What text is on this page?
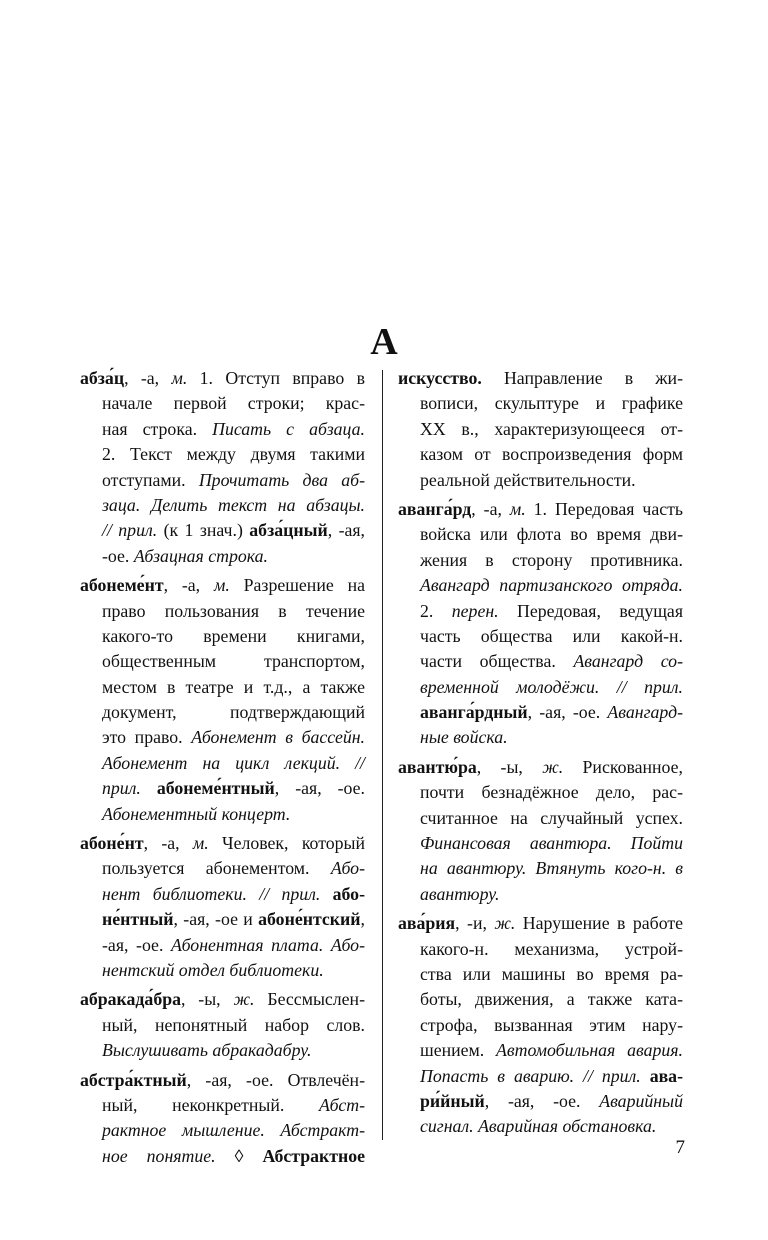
А
абза́ц, -а, м. 1. Отступ вправо в
начале первой строки; крас-
ная строка. Писать с абзаца.
2. Текст между двумя такими
отступами. Прочитать два аб-
заца. Делить текст на абзацы.
// прил. (к 1 знач.) абза́цный, -ая,
-ое. Абзацная строка.
абонеме́нт, -а, м. Разрешение на
право пользования в течение
какого-то времени книгами,
общественным транспортом,
местом в театре и т.д., а также
документ, подтверждающий
это право. Абонемент в бассейн.
Абонемент на цикл лекций. //
прил. абонеме́нтный, -ая, -ое.
Абонементный концерт.
абоне́нт, -а, м. Человек, который
пользуется абонементом. Або-
нент библиотеки. // прил. або-
не́нтный, -ая, -ое и абоне́нтский,
-ая, -ое. Абонентная плата. Або-
нентский отдел библиотеки.
абракада́бра, -ы, ж. Бессмыслен-
ный, непонятный набор слов.
Выслушивать абракадабру.
абстра́ктный, -ая, -ое. Отвлечён-
ный, неконкретный. Абст-
рактное мышление. Абстракт-
ное понятие. ◊ Абстрактное
искусство. Направление в жи-
вописи, скульптуре и графике
XX в., характеризующееся от-
казом от воспроизведения форм
реальной действительности.
аванга́рд, -а, м. 1. Передовая часть
войска или флота во время дви-
жения в сторону противника.
Авангард партизанского отряда.
2. перен. Передовая, ведущая
часть общества или какой-н.
части общества. Авангард со-
временной молодёжи. // прил.
аванга́рдный, -ая, -ое. Авангард-
ные войска.
авантю́ра, -ы, ж. Рискованное,
почти безнадёжное дело, рас-
считанное на случайный успех.
Финансовая авантюра. Пойти
на авантюру. Втянуть кого-н. в
авантюру.
ава́рия, -и, ж. Нарушение в работе
какого-н. механизма, устрой-
ства или машины во время ра-
боты, движения, а также ката-
строфа, вызванная этим нару-
шением. Автомобильная авария.
Попасть в аварию. // прил. ава-
ри́йный, -ая, -ое. Аварийный
сигнал. Аварийная обстановка.
7
